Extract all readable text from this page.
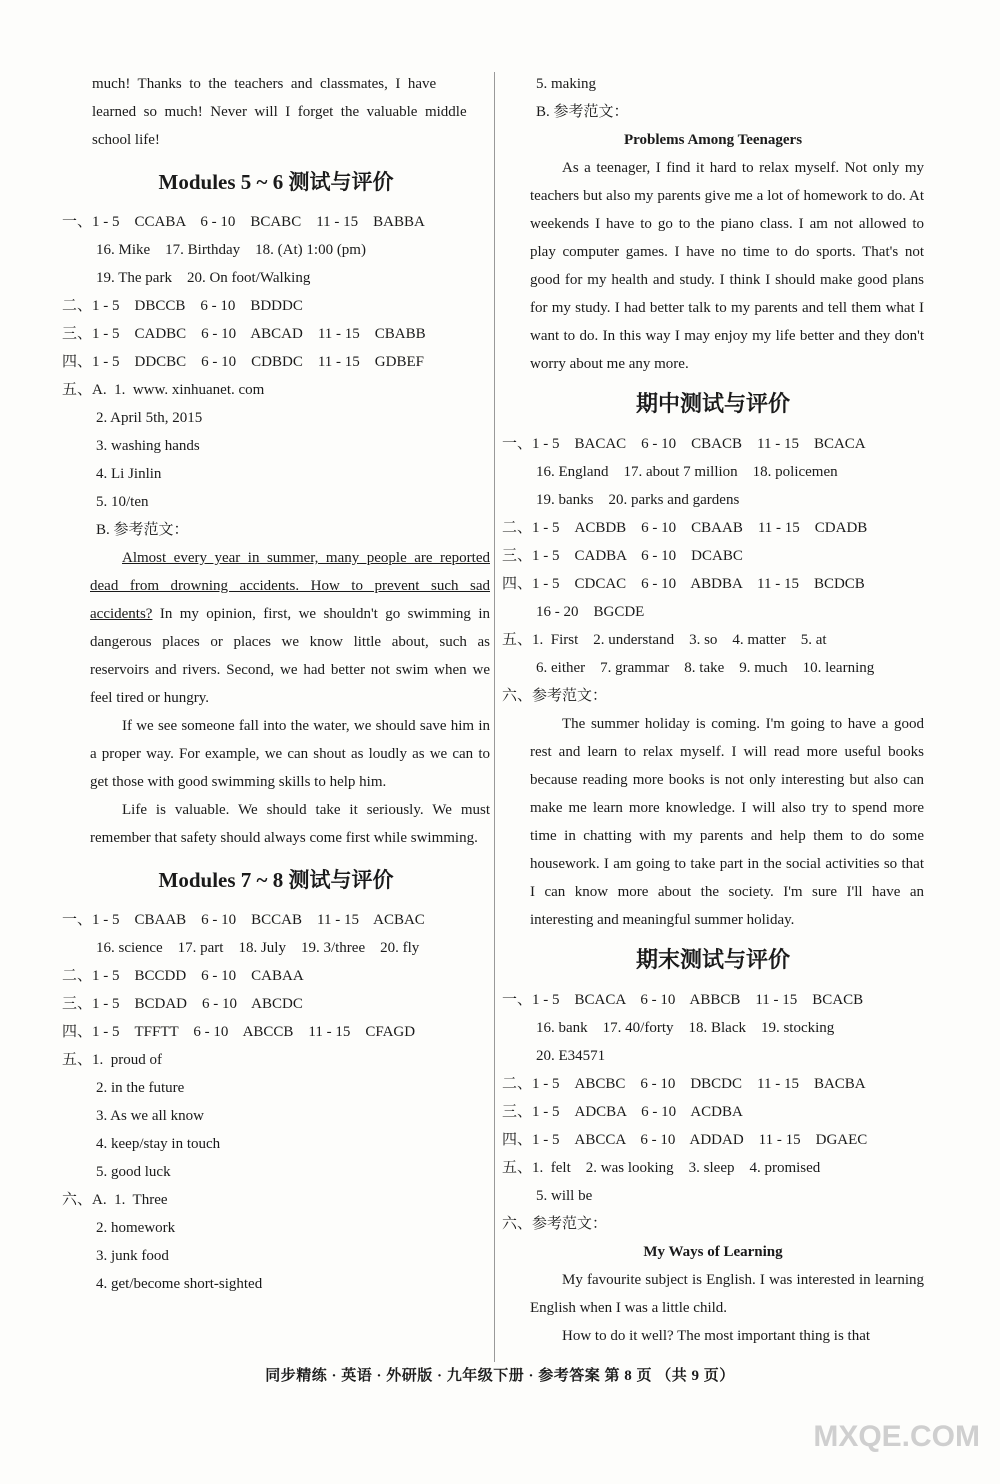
much!  Thanks  to  the  teachers  and  classmates,  I  have
learned  so  much!  Never  will  I  forget  the  valuable  middle
school life!
Modules 5 ~ 6 测试与评价
一、1 - 5    CCABA    6 - 10    BCABC    11 - 15    BABBA
16. Mike    17. Birthday    18. (At) 1:00 (pm)
19. The park    20. On foot/Walking
二、1 - 5    DBCCB    6 - 10    BDDDC
三、1 - 5    CADBC    6 - 10    ABCAD    11 - 15    CBABB
四、1 - 5    DDCBC    6 - 10    CDBDC    11 - 15    GDBEF
五、A.  1.  www. xinhuanet. com
2. April 5th, 2015
3. washing hands
4. Li Jinlin
5. 10/ten
B. 参考范文：
Almost every year in summer, many people are reported dead from drowning accidents. How to prevent such sad accidents? In my opinion, first, we shouldn't go swimming in dangerous places or places we know little about, such as reservoirs and rivers. Second, we had better not swim when we feel tired or hungry.
If we see someone fall into the water, we should save him in a proper way. For example, we can shout as loudly as we can to get those with good swimming skills to help him.
Life is valuable. We should take it seriously. We must remember that safety should always come first while swimming.
Modules 7 ~ 8 测试与评价
一、1 - 5    CBAAB    6 - 10    BCCAB    11 - 15    ACBAC
16. science    17. part    18. July    19. 3/three    20. fly
二、1 - 5    BCCDD    6 - 10    CABAA
三、1 - 5    BCDAD    6 - 10    ABCDC
四、1 - 5    TFFTT    6 - 10    ABCCB    11 - 15    CFAGD
五、1.  proud of
2. in the future
3. As we all know
4. keep/stay in touch
5. good luck
六、A.  1.  Three
2. homework
3. junk food
4. get/become short-sighted
5. making
B. 参考范文：
Problems Among Teenagers
As a teenager, I find it hard to relax myself. Not only my teachers but also my parents give me a lot of homework to do. At weekends I have to go to the piano class. I am not allowed to play computer games. I have no time to do sports. That's not good for my health and study. I think I should make good plans for my study. I had better talk to my parents and tell them what I want to do. In this way I may enjoy my life better and they don't worry about me any more.
期中测试与评价
一、1 - 5    BACAC    6 - 10    CBACB    11 - 15    BCACA
16. England    17. about 7 million    18. policemen
19. banks    20. parks and gardens
二、1 - 5    ACBDB    6 - 10    CBAAB    11 - 15    CDADB
三、1 - 5    CADBA    6 - 10    DCABC
四、1 - 5    CDCAC    6 - 10    ABDBA    11 - 15    BCDCB
16 - 20    BGCDE
五、1.  First    2. understand    3. so    4. matter    5. at
6. either    7. grammar    8. take    9. much    10. learning
六、参考范文：
The summer holiday is coming. I'm going to have a good rest and learn to relax myself. I will read more useful books because reading more books is not only interesting but also can make me learn more knowledge. I will also try to spend more time in chatting with my parents and help them to do some housework. I am going to take part in the social activities so that I can know more about the society. I'm sure I'll have an interesting and meaningful summer holiday.
期末测试与评价
一、1 - 5    BCACA    6 - 10    ABBCB    11 - 15    BCACB
16. bank    17. 40/forty    18. Black    19. stocking
20. E34571
二、1 - 5    ABCBC    6 - 10    DBCDC    11 - 15    BACBA
三、1 - 5    ADCBA    6 - 10    ACDBA
四、1 - 5    ABCCA    6 - 10    ADDAD    11 - 15    DGAEC
五、1.  felt    2. was looking    3. sleep    4. promised
5. will be
六、参考范文：
My Ways of Learning
My favourite subject is English. I was interested in learning English when I was a little child.
How to do it well? The most important thing is that
同步精练 · 英语 · 外研版 · 九年级下册 · 参考答案 第 8 页 （共 9 页）
MXQE.COM
